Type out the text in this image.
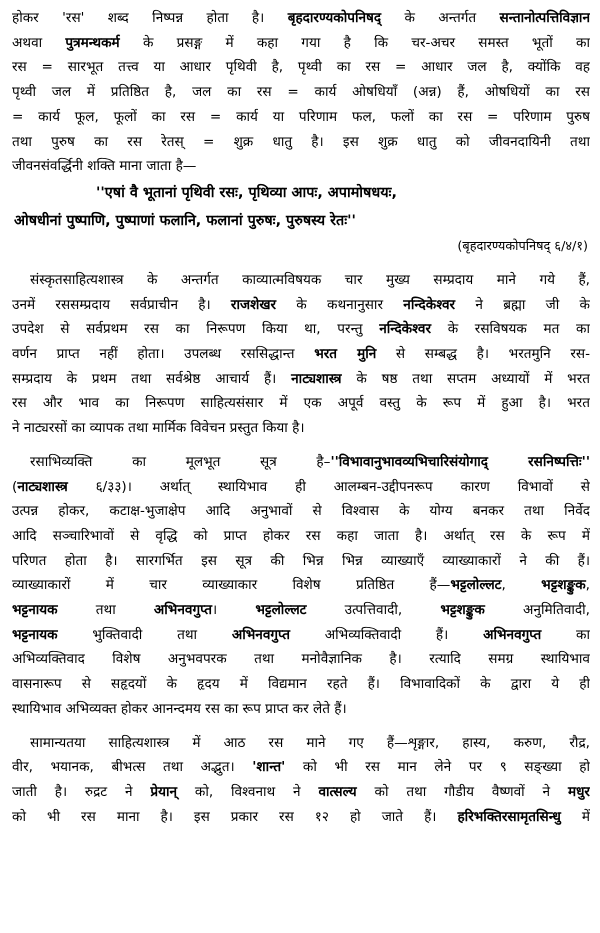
होकर 'रस' शब्द निष्पन्न होता है। बृहदारण्यकोपनिषद् के अन्तर्गत सन्तानोत्पत्तिविज्ञान
अथवा पुत्रमन्थकर्म के प्रसङ्ग में कहा गया है कि चर-अचर समस्त भूतों का
रस = सारभूत तत्त्व या आधार पृथिवी है, पृथ्वी का रस = आधार जल है, क्योंकि वह
पृथ्वी जल में प्रतिष्ठित है, जल का रस = कार्य ओषधियाँ (अन्न) हैं, ओषधियों का रस
= कार्य फूल, फूलों का रस = कार्य या परिणाम फल, फलों का रस = परिणाम पुरुष
तथा पुरुष का रस रेतस् = शुक्र धातु है। इस शुक्र धातु को जीवनदायिनी तथा
जीवनसंवर्द्धिनी शक्ति माना जाता है—
''एषां वै भूतानां पृथिवी रसः, पृथिव्या आपः, अपामोषधयः,
ओषधीनां पुष्पाणि, पुष्पाणां फलानि, फलानां पुरुषः, पुरुषस्य रेतः''
(बृहदारण्यकोपनिषद् ६/४/१)
संस्कृतसाहित्यशास्त्र के अन्तर्गत काव्यात्मविषयक चार मुख्य सम्प्रदाय माने गये हैं,
उनमें रससम्प्रदाय सर्वप्राचीन है। राजशेखर के कथनानुसार नन्दिकेश्वर ने ब्रह्मा जी के
उपदेश से सर्वप्रथम रस का निरूपण किया था, परन्तु नन्दिकेश्वर के रसविषयक मत का
वर्णन प्राप्त नहीं होता। उपलब्ध रससिद्धान्त भरत मुनि से सम्बद्ध है। भरतमुनि रस-
सम्प्रदाय के प्रथम तथा सर्वश्रेष्ठ आचार्य हैं। नाट्यशास्त्र के षष्ठ तथा सप्तम अध्यायों में भरत
रस और भाव का निरूपण साहित्यसंसार में एक अपूर्व वस्तु के रूप में हुआ है। भरत
ने नाट्यरसों का व्यापक तथा मार्मिक विवेचन प्रस्तुत किया है।
रसाभिव्यक्ति का मूलभूत सूत्र है–''विभावानुभावव्यभिचारिसंयोगाद् रसनिष्पत्तिः''
(नाट्यशास्त्र ६/३३)। अर्थात् स्थायिभाव ही आलम्बन-उद्दीपनरूप कारण विभावों से
उत्पन्न होकर, कटाक्ष-भुजाक्षेप आदि अनुभावों से विश्वास के योग्य बनकर तथा निर्वेद
आदि सञ्चारिभावों से वृद्धि को प्राप्त होकर रस कहा जाता है। अर्थात् रस के रूप में
परिणत होता है। सारगर्भित इस सूत्र की भिन्न भिन्न व्याख्याएँ व्याख्याकारों ने की हैं।
व्याख्याकारों में चार व्याख्याकार विशेष प्रतिष्ठित हैं—भट्टलोल्लट, भट्टशङ्कुक,
भट्टनायक तथा अभिनवगुप्त। भट्टलोल्लट उत्पत्तिवादी, भट्टशङ्कुक अनुमितिवादी,
भट्टनायक भुक्तिवादी तथा अभिनवगुप्त अभिव्यक्तिवादी हैं। अभिनवगुप्त का
अभिव्यक्तिवाद विशेष अनुभवपरक तथा मनोवैज्ञानिक है। रत्यादि समग्र स्थायिभाव
वासनारूप से सहृदयों के हृदय में विद्यमान रहते हैं। विभावादिकों के द्वारा ये ही
स्थायिभाव अभिव्यक्त होकर आनन्दमय रस का रूप प्राप्त कर लेते हैं।
सामान्यतया साहित्यशास्त्र में आठ रस माने गए हैं—शृङ्गार, हास्य, करुण, रौद्र,
वीर, भयानक, बीभत्स तथा अद्भुत। 'शान्त' को भी रस मान लेने पर ९ सङ्ख्या हो
जाती है। रुद्रट ने प्रेयान् को, विश्वनाथ ने वात्सल्य को तथा गौडीय वैष्णवों ने मधुर
को भी रस माना है। इस प्रकार रस १२ हो जाते हैं। हरिभक्तिरसामृतसिन्धु में
